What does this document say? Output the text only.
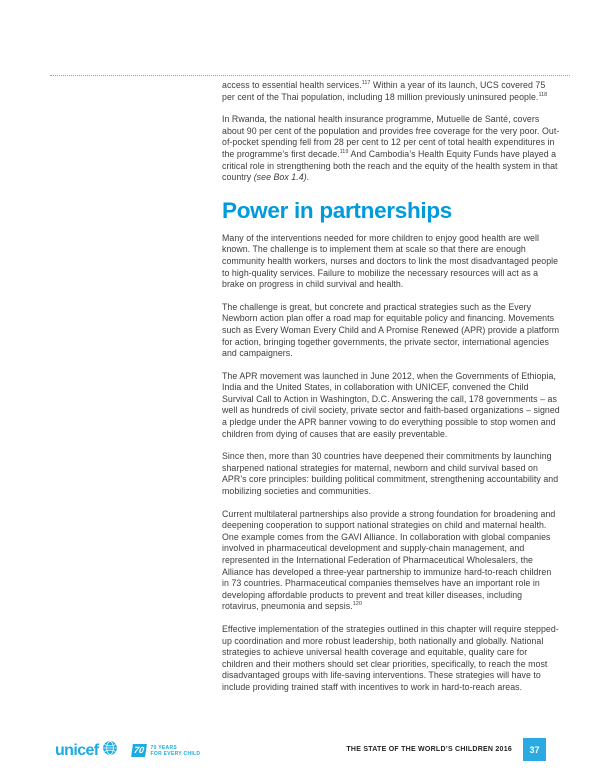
access to essential health services.$^{117}$ Within a year of its launch, UCS covered 75 per cent of the Thai population, including 18 million previously uninsured people.$^{118}$

In Rwanda, the national health insurance programme, Mutuelle de Santé, covers about 90 per cent of the population and provides free coverage for the very poor. Out-of-pocket spending fell from 28 per cent to 12 per cent of total health expenditures in the programme’s first decade.$^{119}$ And Cambodia’s Health Equity Funds have played a critical role in strengthening both the reach and the equity of the health system in that country (see Box 1.4).

Power in partnerships

Many of the interventions needed for more children to enjoy good health are well known. The challenge is to implement them at scale so that there are enough community health workers, nurses and doctors to link the most disadvantaged people to high-quality services. Failure to mobilize the necessary resources will act as a brake on progress in child survival and health.

The challenge is great, but concrete and practical strategies such as the Every Newborn action plan offer a road map for equitable policy and financing. Movements such as Every Woman Every Child and A Promise Renewed (APR) provide a platform for action, bringing together governments, the private sector, international agencies and campaigners.

The APR movement was launched in June 2012, when the Governments of Ethiopia, India and the United States, in collaboration with UNICEF, convened the Child Survival Call to Action in Washington, D.C. Answering the call, 178 governments – as well as hundreds of civil society, private sector and faith-based organizations – signed a pledge under the APR banner vowing to do everything possible to stop women and children from dying of causes that are easily preventable.

Since then, more than 30 countries have deepened their commitments by launching sharpened national strategies for maternal, newborn and child survival based on APR’s core principles: building political commitment, strengthening accountability and mobilizing societies and communities.

Current multilateral partnerships also provide a strong foundation for broadening and deepening cooperation to support national strategies on child and maternal health. One example comes from the GAVI Alliance. In collaboration with global companies involved in pharmaceutical development and supply-chain management, and represented in the International Federation of Pharmaceutical Wholesalers, the Alliance has developed a three-year partnership to immunize hard-to-reach children in 73 countries. Pharmaceutical companies themselves have an important role in developing affordable products to prevent and treat killer diseases, including rotavirus, pneumonia and sepsis.$^{120}$

Effective implementation of the strategies outlined in this chapter will require stepped-up coordination and more robust leadership, both nationally and globally. National strategies to achieve universal health coverage and equitable, quality care for children and their mothers should set clear priorities, specifically, to reach the most disadvantaged groups with life-saving interventions. These strategies will have to include providing trained staff with incentives to work in hard-to-reach areas.

unicef	70	70 YEARS
FOR EVERY CHILD
THE STATE OF THE WORLD’S CHILDREN 2016	37
